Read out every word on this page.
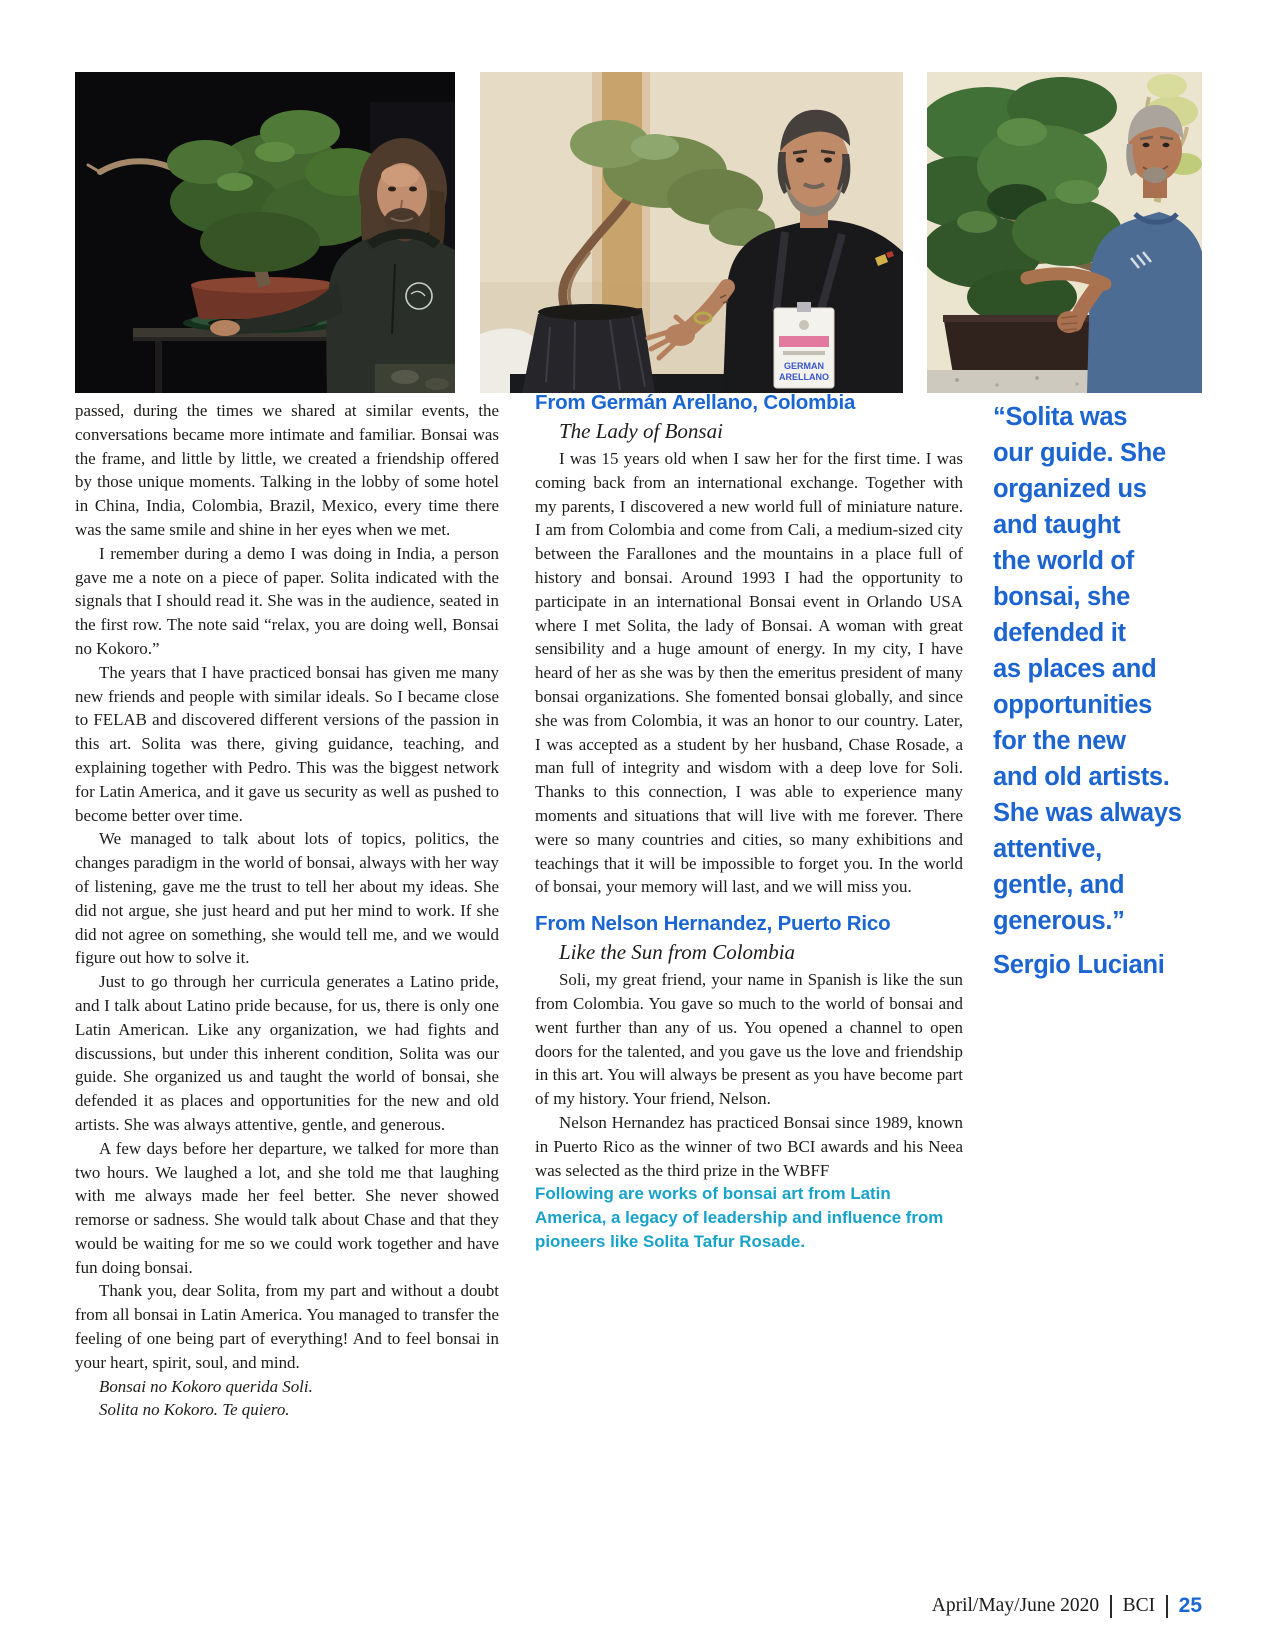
GERMAN
ARELLANO

passed, during the times we shared at similar events, the conversations became more intimate and familiar. Bonsai was the frame, and little by little, we created a friendship offered by those unique moments. Talking in the lobby of some hotel in China, India, Colombia, Brazil, Mexico, every time there was the same smile and shine in her eyes when we met.

I remember during a demo I was doing in India, a person gave me a note on a piece of paper. Solita indicated with the signals that I should read it. She was in the audience, seated in the first row. The note said “relax, you are doing well, Bonsai no Kokoro.”

The years that I have practiced bonsai has given me many new friends and people with similar ideals. So I became close to FELAB and discovered different versions of the passion in this art. Solita was there, giving guidance, teaching, and explaining together with Pedro. This was the biggest network for Latin America, and it gave us security as well as pushed to become better over time.

We managed to talk about lots of topics, politics, the changes paradigm in the world of bonsai, always with her way of listening, gave me the trust to tell her about my ideas. She did not argue, she just heard and put her mind to work. If she did not agree on something, she would tell me, and we would figure out how to solve it.

Just to go through her curricula generates a Latino pride, and I talk about Latino pride because, for us, there is only one Latin American. Like any organization, we had fights and discussions, but under this inherent condition, Solita was our guide. She organized us and taught the world of bonsai, she defended it as places and opportunities for the new and old artists. She was always attentive, gentle, and generous.

A few days before her departure, we talked for more than two hours. We laughed a lot, and she told me that laughing with me always made her feel better. She never showed remorse or sadness. She would talk about Chase and that they would be waiting for me so we could work together and have fun doing bonsai.

Thank you, dear Solita, from my part and without a doubt from all bonsai in Latin America. You managed to transfer the feeling of one being part of everything! And to feel bonsai in your heart, spirit, soul, and mind.

Bonsai no Kokoro querida Soli.

Solita no Kokoro. Te quiero.

From Germán Arellano, Colombia
The Lady of Bonsai

I was 15 years old when I saw her for the first time. I was coming back from an international exchange. Together with my parents, I discovered a new world full of miniature nature. I am from Colombia and come from Cali, a medium-sized city between the Farallones and the mountains in a place full of history and bonsai. Around 1993 I had the opportunity to participate in an international Bonsai event in Orlando USA where I met Solita, the lady of Bonsai. A woman with great sensibility and a huge amount of energy. In my city, I have heard of her as she was by then the emeritus president of many bonsai organizations. She fomented bonsai globally, and since she was from Colombia, it was an honor to our country. Later, I was accepted as a student by her husband, Chase Rosade, a man full of integrity and wisdom with a deep love for Soli. Thanks to this connection, I was able to experience many moments and situations that will live with me forever. There were so many countries and cities, so many exhibitions and teachings that it will be impossible to forget you. In the world of bonsai, your memory will last, and we will miss you.

From Nelson Hernandez, Puerto Rico
Like the Sun from Colombia

Soli, my great friend, your name in Spanish is like the sun from Colombia. You gave so much to the world of bonsai and went further than any of us. You opened a channel to open doors for the talented, and you gave us the love and friendship in this art. You will always be present as you have become part of my history. Your friend, Nelson.

Nelson Hernandez has practiced Bonsai since 1989, known in Puerto Rico as the winner of two BCI awards and his Neea was selected as the third prize in the WBFF

Following are works of bonsai art from Latin America, a legacy of leadership and influence from pioneers like Solita Tafur Rosade.

“Solita was
our guide. She
organized us
and taught
the world of
bonsai, she
defended it
as places and
opportunities
for the new
and old artists.
She was always
attentive,
gentle, and
generous.”
Sergio Luciani
April/May/June 2020 BCI 25
